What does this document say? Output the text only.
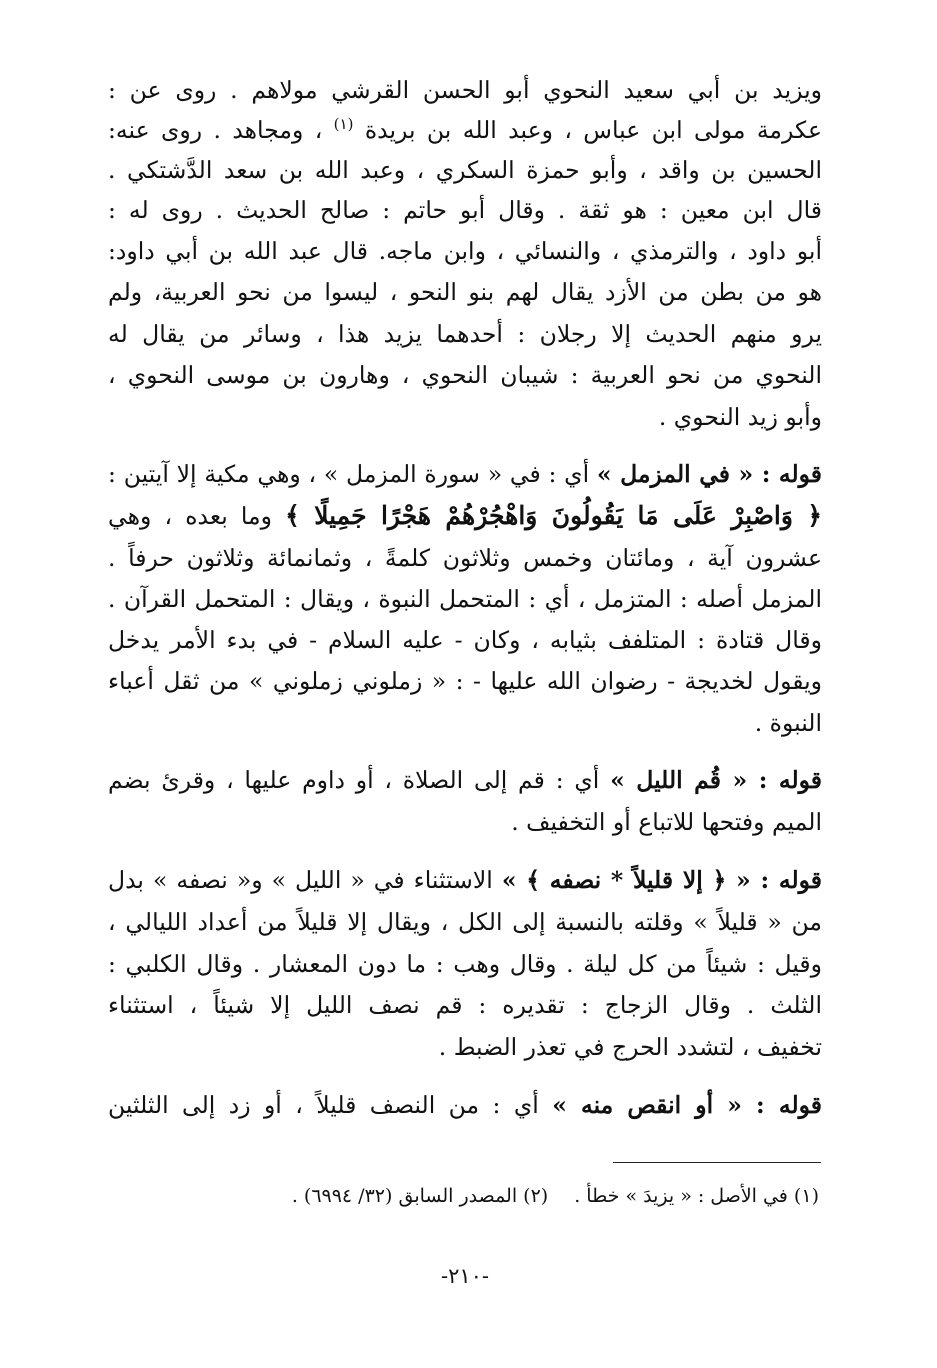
ويزيد بن أبي سعيد النحوي أبو الحسن القرشي مولاهم . روى عن :
عكرمة مولى ابن عباس ، وعبد الله بن بريدة $^{(١)}$ ، ومجاهد . روى عنه:
الحسين بن واقد ، وأبو حمزة السكري ، وعبد الله بن سعد الدَّشتكي .
قال ابن معين : هو ثقة . وقال أبو حاتم : صالح الحديث . روى له :
أبو داود ، والترمذي ، والنسائي ، وابن ماجه. قال عبد الله بن أبي داود:
هو من بطن من الأزد يقال لهم بنو النحو ، ليسوا من نحو العربية، ولم
يرو منهم الحديث إلا رجلان : أحدهما يزيد هذا ، وسائر من يقال له
النحوي من نحو العربية : شيبان النحوي ، وهارون بن موسى النحوي ،
وأبو زيد النحوي .
قوله : « في المزمل » أي : في « سورة المزمل » ، وهي مكية إلا آيتين :
﴿ وَاصْبِرْ عَلَى مَا يَقُولُونَ وَاهْجُرْهُمْ هَجْرًا جَمِيلًا ﴾ وما بعده ، وهي
عشرون آية ، ومائتان وخمس وثلاثون كلمةً ، وثمانمائة وثلاثون حرفاً .
المزمل أصله : المتزمل ، أي : المتحمل النبوة ، ويقال : المتحمل القرآن .
وقال قتادة : المتلفف بثيابه ، وكان - عليه السلام - في بدء الأمر يدخل
ويقول لخديجة - رضوان الله عليها - : « زملوني زملوني » من ثقل أعباء
النبوة .
قوله : « قُم الليل » أي : قم إلى الصلاة ، أو داوم عليها ، وقرئ بضم
الميم وفتحها للاتباع أو التخفيف .
قوله : « ﴿ إلا قليلاً * نصفه ﴾ » الاستثناء في « الليل » و« نصفه » بدل
من « قليلاً » وقلته بالنسبة إلى الكل ، ويقال إلا قليلاً من أعداد الليالي ،
وقيل : شيئاً من كل ليلة . وقال وهب : ما دون المعشار . وقال الكلبي :
الثلث . وقال الزجاج : تقديره : قم نصف الليل إلا شيئاً ، استثناء
تخفيف ، لتشدد الحرج في تعذر الضبط .
قوله : « أو انقص منه » أي : من النصف قليلاً ، أو زد إلى الثلثين
(١) في الأصل : « يزيدَ » خطأ .(٢) المصدر السابق (٣٢/ ٦٩٩٤) .
-٢١٠-
